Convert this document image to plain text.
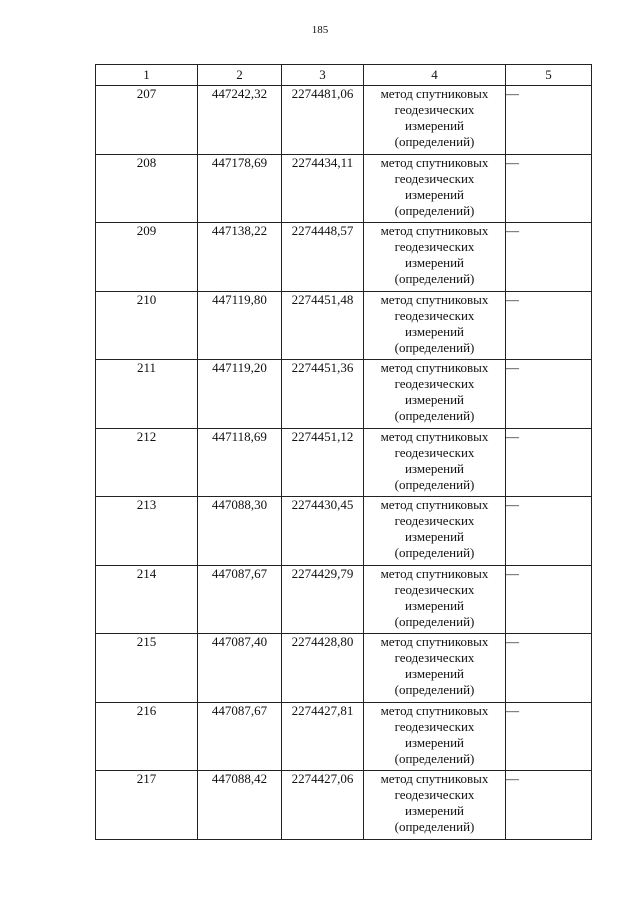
185
1	2	3	4	5
207	447242,32	2274481,06	метод спутниковых геодезических измерений (определений)	—
208	447178,69	2274434,11	метод спутниковых геодезических измерений (определений)	—
209	447138,22	2274448,57	метод спутниковых геодезических измерений (определений)	—
210	447119,80	2274451,48	метод спутниковых геодезических измерений (определений)	—
211	447119,20	2274451,36	метод спутниковых геодезических измерений (определений)	—
212	447118,69	2274451,12	метод спутниковых геодезических измерений (определений)	—
213	447088,30	2274430,45	метод спутниковых геодезических измерений (определений)	—
214	447087,67	2274429,79	метод спутниковых геодезических измерений (определений)	—
215	447087,40	2274428,80	метод спутниковых геодезических измерений (определений)	—
216	447087,67	2274427,81	метод спутниковых геодезических измерений (определений)	—
217	447088,42	2274427,06	метод спутниковых геодезических измерений (определений)	—
